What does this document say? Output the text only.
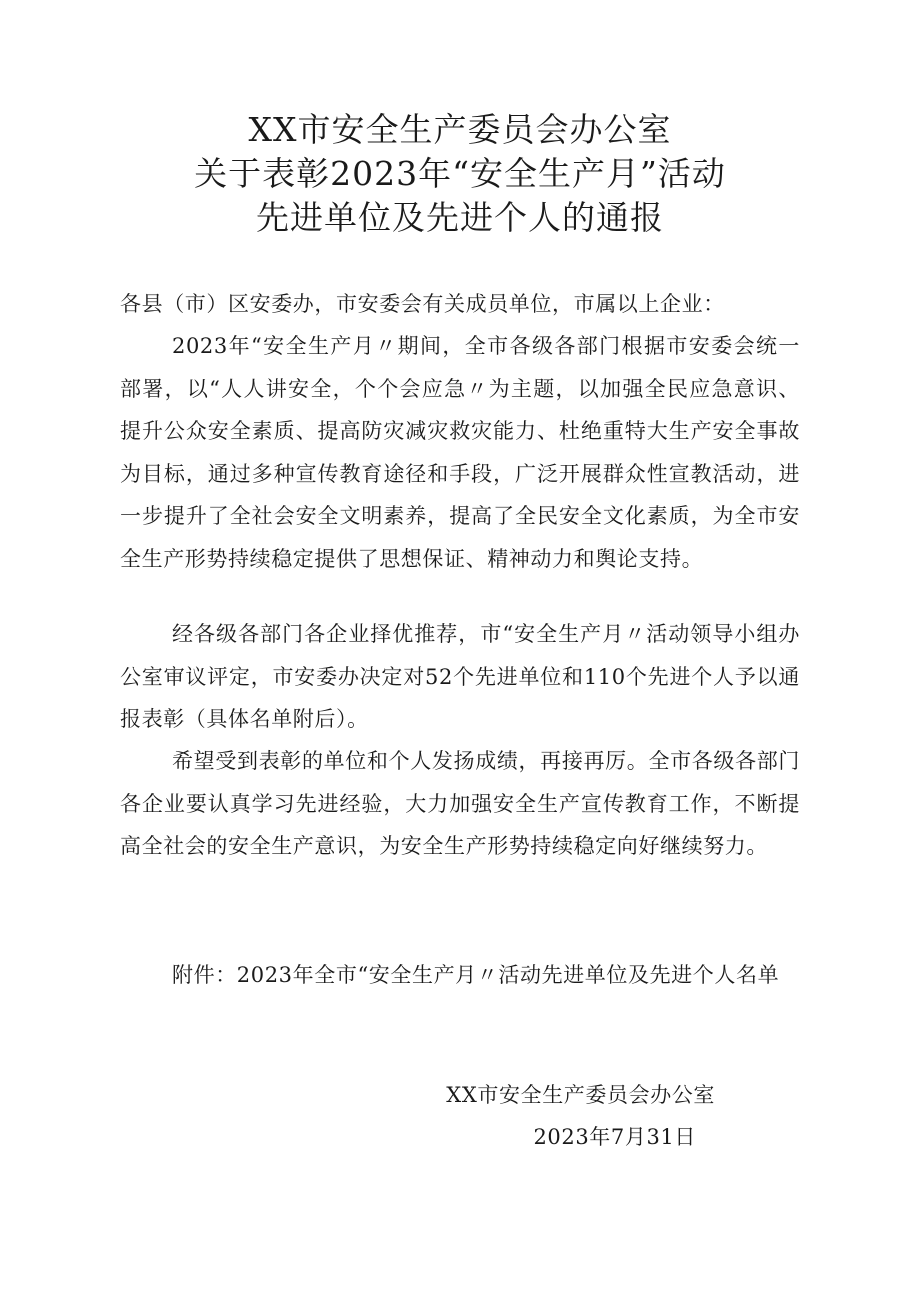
XX市安全生产委员会办公室
关于表彰2023年“安全生产月”活动
先进单位及先进个人的通报
各县（市）区安委办，市安委会有关成员单位，市属以上企业：

2023年“安全生产月〃期间，全市各级各部门根据市安委会统一部署，以“人人讲安全，个个会应急〃为主题，以加强全民应急意识、提升公众安全素质、提高防灾减灾救灾能力、杜绝重特大生产安全事故为目标，通过多种宣传教育途径和手段，广泛开展群众性宣教活动，进一步提升了全社会安全文明素养，提高了全民安全文化素质，为全市安全生产形势持续稳定提供了思想保证、精神动力和舆论支持。

经各级各部门各企业择优推荐，市“安全生产月〃活动领导小组办公室审议评定，市安委办决定对52个先进单位和110个先进个人予以通报表彰（具体名单附后）。

希望受到表彰的单位和个人发扬成绩，再接再厉。全市各级各部门各企业要认真学习先进经验，大力加强安全生产宣传教育工作，不断提高全社会的安全生产意识，为安全生产形势持续稳定向好继续努力。

附件：2023年全市“安全生产月〃活动先进单位及先进个人名单

XX市安全生产委员会办公室
2023年7月31日
